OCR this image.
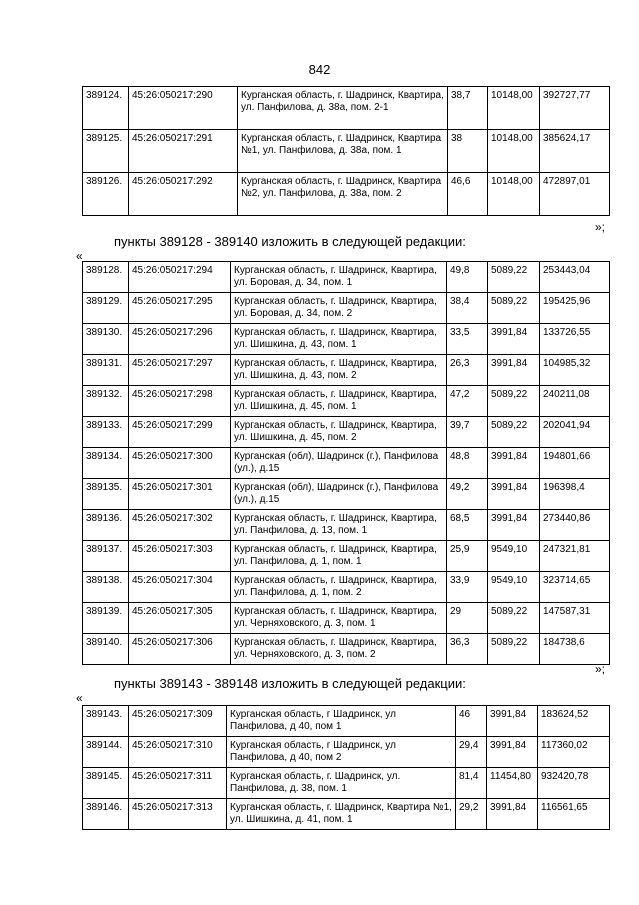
842
389124.	45:26:050217:290	Курганская область, г. Шадринск, Квартира, ул. Панфилова, д. 38а, пом. 2-1	38,7	10148,00	392727,77
389125.	45:26:050217:291	Курганская область, г. Шадринск, Квартира №1, ул. Панфилова, д. 38а, пом. 1	38	10148,00	385624,17
389126.	45:26:050217:292	Курганская область, г. Шадринск, Квартира №2, ул. Панфилова, д. 38а, пом. 2	46,6	10148,00	472897,01
»;
пункты 389128 - 389140 изложить в следующей редакции:
«
389128.	45:26:050217:294	Курганская область, г. Шадринск, Квартира, ул. Боровая, д. 34, пом. 1	49,8	5089,22	253443,04
389129.	45:26:050217:295	Курганская область, г. Шадринск, Квартира, ул. Боровая, д. 34, пом. 2	38,4	5089,22	195425,96
389130.	45:26:050217:296	Курганская область, г. Шадринск, Квартира, ул. Шишкина, д. 43, пом. 1	33,5	3991,84	133726,55
389131.	45:26:050217:297	Курганская область, г. Шадринск, Квартира, ул. Шишкина, д. 43, пом. 2	26,3	3991,84	104985,32
389132.	45:26:050217:298	Курганская область, г. Шадринск, Квартира, ул. Шишкина, д. 45, пом. 1	47,2	5089,22	240211,08
389133.	45:26:050217:299	Курганская область, г. Шадринск, Квартира, ул. Шишкина, д. 45, пом. 2	39,7	5089,22	202041,94
389134.	45:26:050217:300	Курганская (обл), Шадринск (г.), Панфилова (ул.), д.15	48,8	3991,84	194801,66
389135.	45:26:050217:301	Курганская (обл), Шадринск (г.), Панфилова (ул.), д.15	49,2	3991,84	196398,4
389136.	45:26:050217:302	Курганская область, г. Шадринск, Квартира, ул. Панфилова, д. 13, пом. 1	68,5	3991,84	273440,86
389137.	45:26:050217:303	Курганская область, г. Шадринск, Квартира, ул. Панфилова, д. 1, пом. 1	25,9	9549,10	247321,81
389138.	45:26:050217:304	Курганская область, г. Шадринск, Квартира, ул. Панфилова, д. 1, пом. 2	33,9	9549,10	323714,65
389139.	45:26:050217:305	Курганская область, г. Шадринск, Квартира, ул. Черняховского, д. 3, пом. 1	29	5089,22	147587,31
389140.	45:26:050217:306	Курганская область, г. Шадринск, Квартира, ул. Черняховского, д. 3, пом. 2	36,3	5089,22	184738,6
»;
пункты 389143 - 389148 изложить в следующей редакции:
«
389143.	45:26:050217:309	Курганская область, г Шадринск, ул Панфилова, д 40, пом 1	46	3991,84	183624,52
389144.	45:26:050217:310	Курганская область, г Шадринск, ул Панфилова, д 40, пом 2	29,4	3991,84	117360,02
389145.	45:26:050217:311	Курганская область, г. Шадринск, ул. Панфилова, д. 38, пом. 1	81,4	11454,80	932420,78
389146.	45:26:050217:313	Курганская область, г. Шадринск, Квартира №1, ул. Шишкина, д. 41, пом. 1	29,2	3991,84	116561,65
